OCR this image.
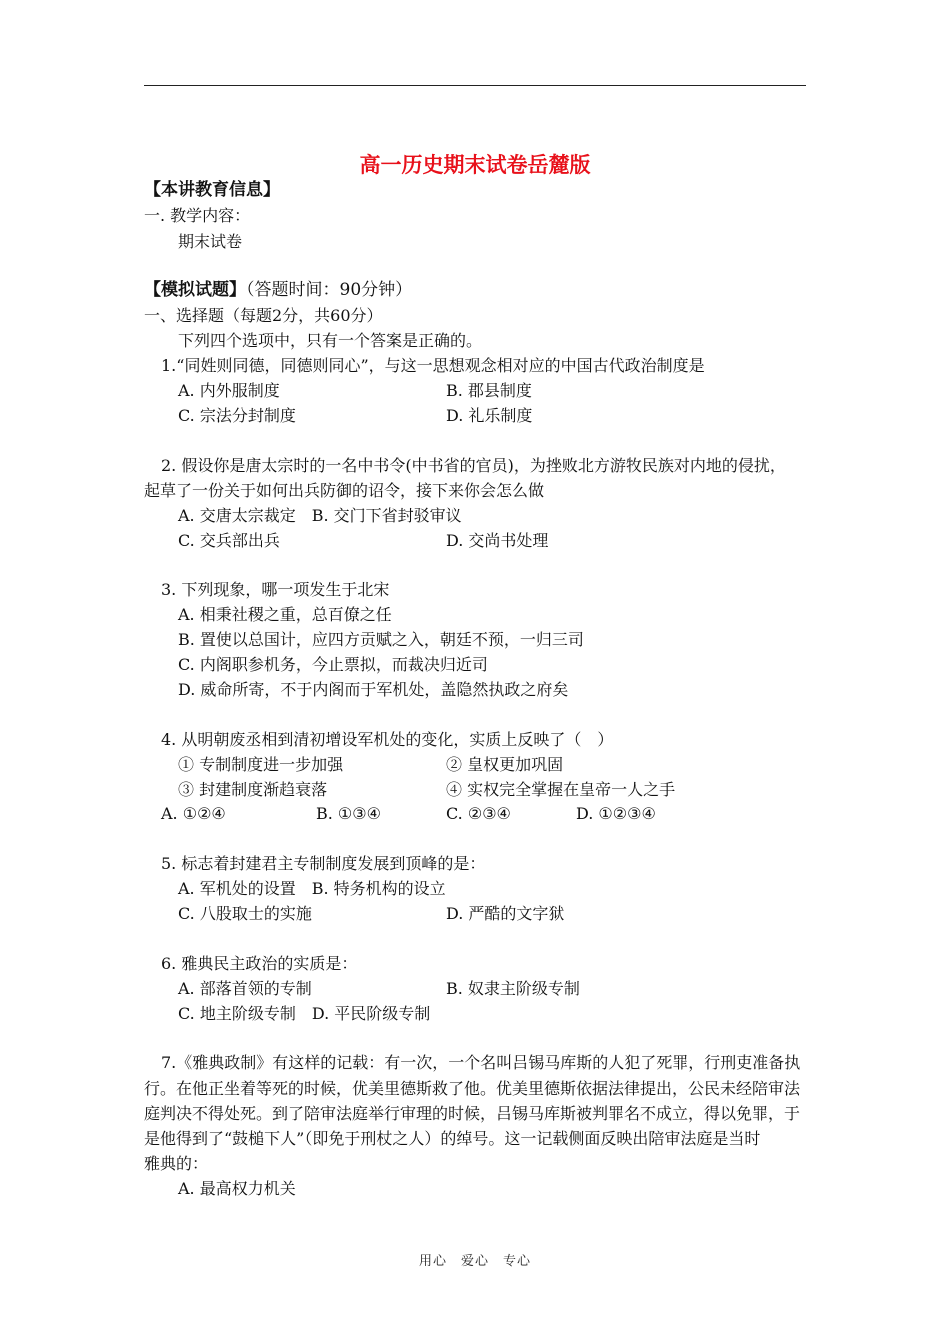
高一历史期末试卷岳麓版
【本讲教育信息】
一. 教学内容：
期末试卷
【模拟试题】（答题时间：90分钟）
一、选择题（每题2分，共60分）
下列四个选项中，只有一个答案是正确的。
1.“同姓则同德，同德则同心”，与这一思想观念相对应的中国古代政治制度是
A. 内外服制度	B. 郡县制度
C. 宗法分封制度	D. 礼乐制度
2. 假设你是唐太宗时的一名中书令(中书省的官员)，为挫败北方游牧民族对内地的侵扰，
起草了一份关于如何出兵防御的诏令，接下来你会怎么做
A. 交唐太宗裁定　B. 交门下省封驳审议
C. 交兵部出兵	D. 交尚书处理
3. 下列现象，哪一项发生于北宋
A. 相秉社稷之重，总百僚之任
B. 置使以总国计，应四方贡赋之入，朝廷不预，一归三司
C. 内阁职参机务，今止票拟，而裁决归近司
D. 威命所寄，不于内阁而于军机处，盖隐然执政之府矣
4. 从明朝废丞相到清初增设军机处的变化，实质上反映了（　）
① 专制制度进一步加强	② 皇权更加巩固
③ 封建制度渐趋衰落	④ 实权完全掌握在皇帝一人之手
A. ①②④	B. ①③④	C. ②③④	D. ①②③④
5. 标志着封建君主专制制度发展到顶峰的是：
A. 军机处的设置　B. 特务机构的设立
C. 八股取士的实施	D. 严酷的文字狱
6. 雅典民主政治的实质是：
A. 部落首领的专制	B. 奴隶主阶级专制
C. 地主阶级专制　D. 平民阶级专制
7.《雅典政制》有这样的记载：有一次，一个名叫吕锡马库斯的人犯了死罪，行刑吏准备执
行。在他正坐着等死的时候，优美里德斯救了他。优美里德斯依据法律提出，公民未经陪审法
庭判决不得处死。到了陪审法庭举行审理的时候，吕锡马库斯被判罪名不成立，得以免罪，于
是他得到了“鼓槌下人”（即免于刑杖之人）的绰号。这一记载侧面反映出陪审法庭是当时
雅典的：
A. 最高权力机关
用心　爱心　专心
